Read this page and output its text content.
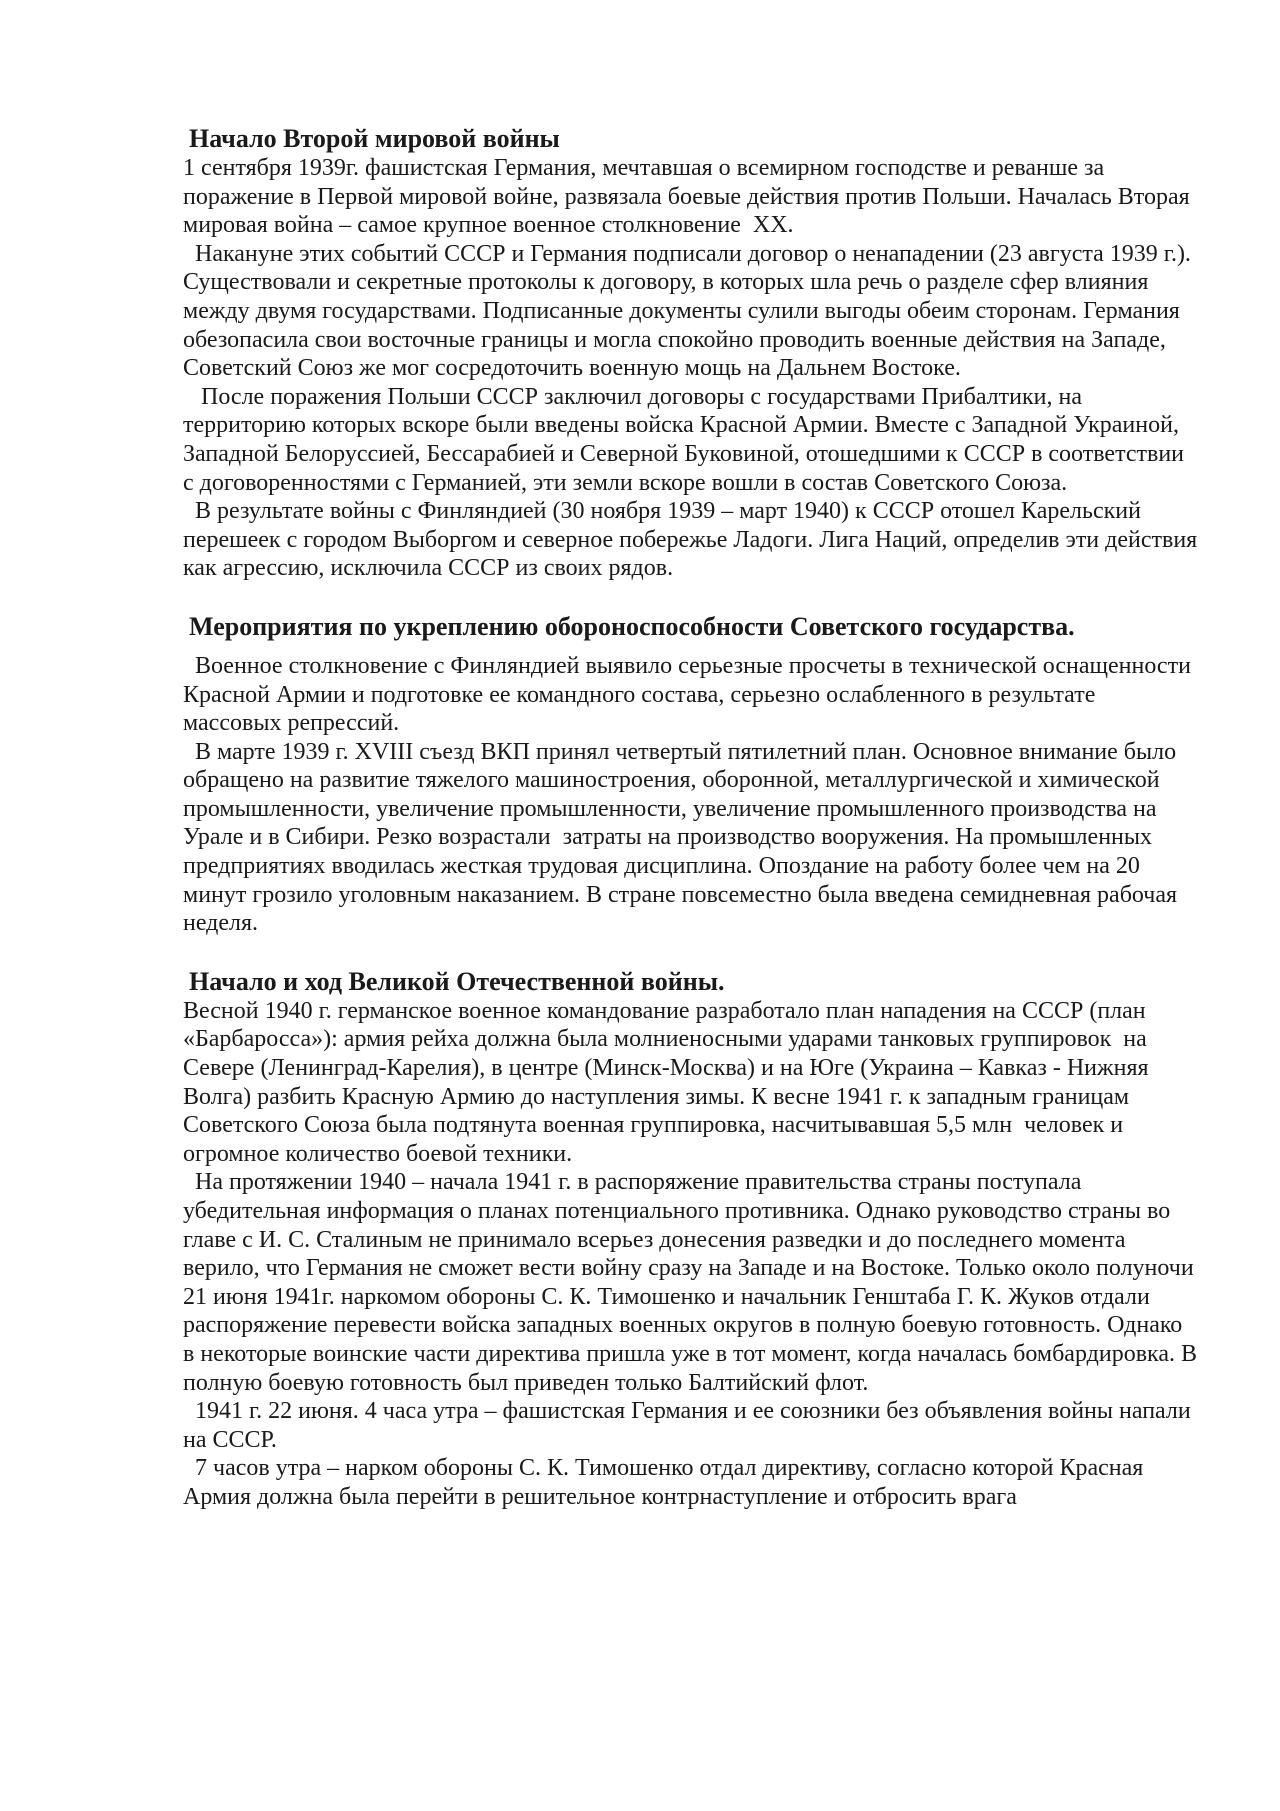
Начало Второй мировой войны

1 сентября 1939г. фашистская Германия, мечтавшая о всемирном господстве и реванше за поражение в Первой мировой войне, развязала боевые действия против Польши. Началась Вторая мировая война – самое крупное военное столкновение  ХХ.

Накануне этих событий СССР и Германия подписали договор о ненападении (23 августа 1939 г.). Существовали и секретные протоколы к договору, в которых шла речь о разделе сфер влияния между двумя государствами. Подписанные документы сулили выгоды обеим сторонам. Германия обезопасила свои восточные границы и могла спокойно проводить военные действия на Западе, Советский Союз же мог сосредоточить военную мощь на Дальнем Востоке.

После поражения Польши СССР заключил договоры с государствами Прибалтики, на территорию которых вскоре были введены войска Красной Армии. Вместе с Западной Украиной, Западной Белоруссией, Бессарабией и Северной Буковиной, отошедшими к СССР в соответствии с договоренностями с Германией, эти земли вскоре вошли в состав Советского Союза.

В результате войны с Финляндией (30 ноября 1939 – март 1940) к СССР отошел Карельский перешеек с городом Выборгом и северное побережье Ладоги. Лига Наций, определив эти действия как агрессию, исключила СССР из своих рядов.

Мероприятия по укреплению обороноспособности Советского государства.

Военное столкновение с Финляндией выявило серьезные просчеты в технической оснащенности Красной Армии и подготовке ее командного состава, серьезно ослабленного в результате массовых репрессий.

В марте 1939 г. XVIII съезд ВКП принял четвертый пятилетний план. Основное внимание было обращено на развитие тяжелого машиностроения, оборонной, металлургической и химической промышленности, увеличение промышленности, увеличение промышленного производства на Урале и в Сибири. Резко возрастали  затраты на производство вооружения. На промышленных предприятиях вводилась жесткая трудовая дисциплина. Опоздание на работу более чем на 20 минут грозило уголовным наказанием. В стране повсеместно была введена семидневная рабочая неделя.

Начало и ход Великой Отечественной войны.

Весной 1940 г. германское военное командование разработало план нападения на СССР (план «Барбаросса»): армия рейха должна была молниеносными ударами танковых группировок  на Севере (Ленинград-Карелия), в центре (Минск-Москва) и на Юге (Украина – Кавказ - Нижняя Волга) разбить Красную Армию до наступления зимы. К весне 1941 г. к западным границам Советского Союза была подтянута военная группировка, насчитывавшая 5,5 млн  человек и огромное количество боевой техники.

На протяжении 1940 – начала 1941 г. в распоряжение правительства страны поступала убедительная информация о планах потенциального противника. Однако руководство страны во главе с И. С. Сталиным не принимало всерьез донесения разведки и до последнего момента верило, что Германия не сможет вести войну сразу на Западе и на Востоке. Только около полуночи 21 июня 1941г. наркомом обороны С. К. Тимошенко и начальник Генштаба Г. К. Жуков отдали распоряжение перевести войска западных военных округов в полную боевую готовность. Однако в некоторые воинские части директива пришла уже в тот момент, когда началась бомбардировка. В полную боевую готовность был приведен только Балтийский флот.

1941 г. 22 июня. 4 часа утра – фашистская Германия и ее союзники без объявления войны напали на СССР.

7 часов утра – нарком обороны С. К. Тимошенко отдал директиву, согласно которой Красная Армия должна была перейти в решительное контрнаступление и отбросить врага
